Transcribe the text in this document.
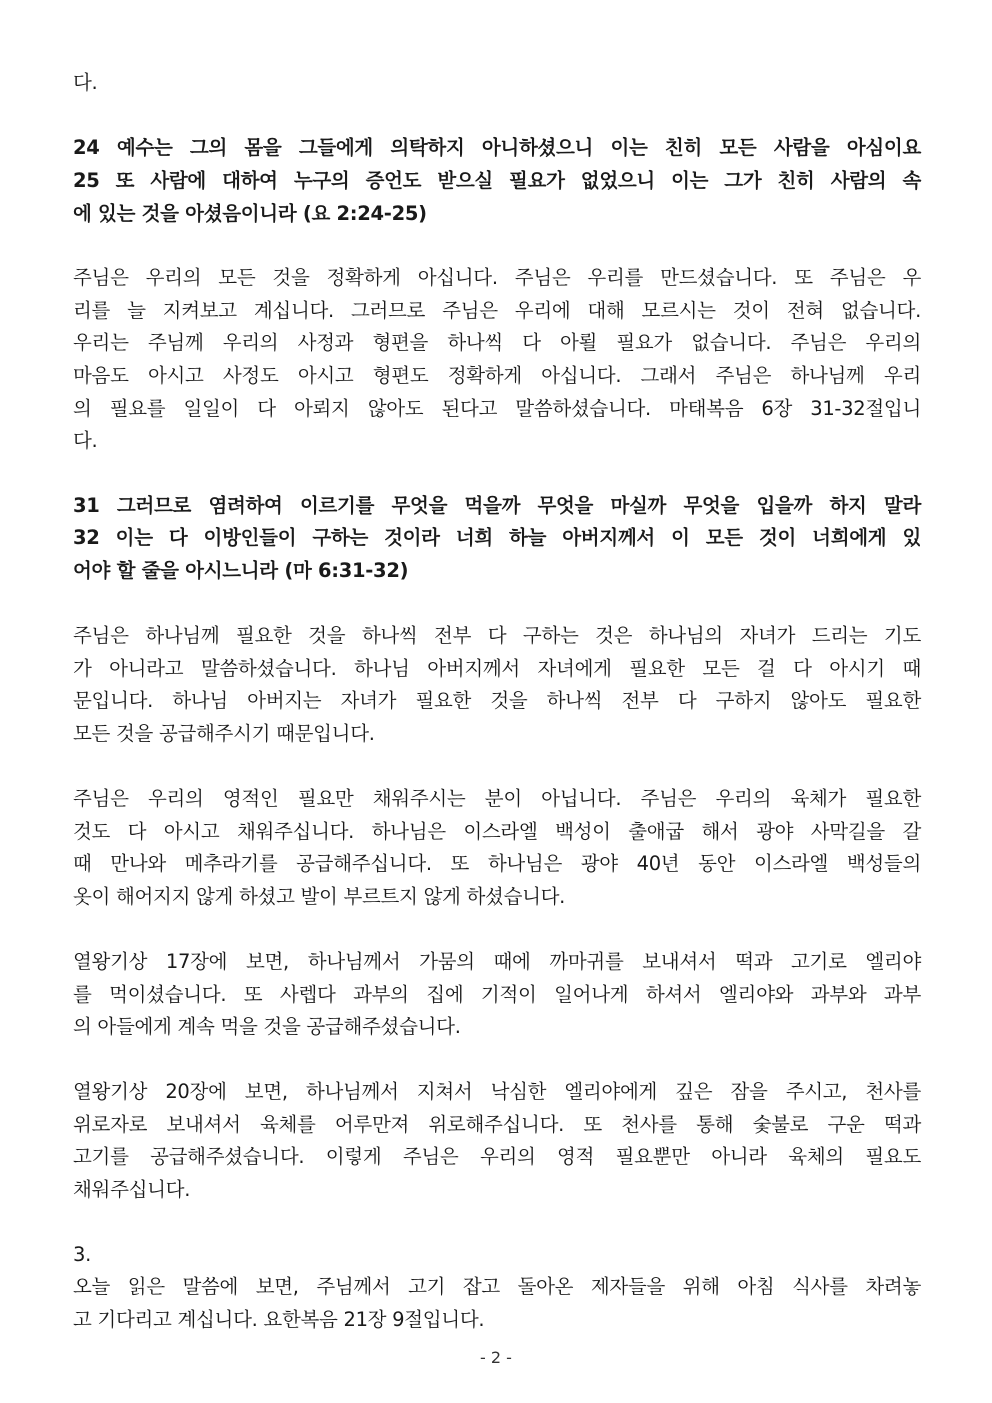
다.
24 예수는 그의 몸을 그들에게 의탁하지 아니하셨으니 이는 친히 모든 사람을 아심이요
25 또 사람에 대하여 누구의 증언도 받으실 필요가 없었으니 이는 그가 친히 사람의 속
에 있는 것을 아셨음이니라 (요 2:24-25)
주님은 우리의 모든 것을 정확하게 아십니다. 주님은 우리를 만드셨습니다. 또 주님은 우
리를 늘 지켜보고 계십니다. 그러므로 주님은 우리에 대해 모르시는 것이 전혀 없습니다.
우리는 주님께 우리의 사정과 형편을 하나씩 다 아뢸 필요가 없습니다. 주님은 우리의
마음도 아시고 사정도 아시고 형편도 정확하게 아십니다. 그래서 주님은 하나님께 우리
의 필요를 일일이 다 아뢰지 않아도 된다고 말씀하셨습니다. 마태복음 6장 31-32절입니
다.
31 그러므로 염려하여 이르기를 무엇을 먹을까 무엇을 마실까 무엇을 입을까 하지 말라
32 이는 다 이방인들이 구하는 것이라 너희 하늘 아버지께서 이 모든 것이 너희에게 있
어야 할 줄을 아시느니라 (마 6:31-32)
주님은 하나님께 필요한 것을 하나씩 전부 다 구하는 것은 하나님의 자녀가 드리는 기도
가 아니라고 말씀하셨습니다. 하나님 아버지께서 자녀에게 필요한 모든 걸 다 아시기 때
문입니다. 하나님 아버지는 자녀가 필요한 것을 하나씩 전부 다 구하지 않아도 필요한
모든 것을 공급해주시기 때문입니다.
주님은 우리의 영적인 필요만 채워주시는 분이 아닙니다. 주님은 우리의 육체가 필요한
것도 다 아시고 채워주십니다. 하나님은 이스라엘 백성이 출애굽 해서 광야 사막길을 갈
때 만나와 메추라기를 공급해주십니다. 또 하나님은 광야 40년 동안 이스라엘 백성들의
옷이 해어지지 않게 하셨고 발이 부르트지 않게 하셨습니다.
열왕기상 17장에 보면, 하나님께서 가뭄의 때에 까마귀를 보내셔서 떡과 고기로 엘리야
를 먹이셨습니다. 또 사렙다 과부의 집에 기적이 일어나게 하셔서 엘리야와 과부와 과부
의 아들에게 계속 먹을 것을 공급해주셨습니다.
열왕기상 20장에 보면, 하나님께서 지쳐서 낙심한 엘리야에게 깊은 잠을 주시고, 천사를
위로자로 보내셔서 육체를 어루만져 위로해주십니다. 또 천사를 통해 숯불로 구운 떡과
고기를 공급해주셨습니다. 이렇게 주님은 우리의 영적 필요뿐만 아니라 육체의 필요도
채워주십니다.
3.
오늘 읽은 말씀에 보면, 주님께서 고기 잡고 돌아온 제자들을 위해 아침 식사를 차려놓
고 기다리고 계십니다. 요한복음 21장 9절입니다.
- 2 -
